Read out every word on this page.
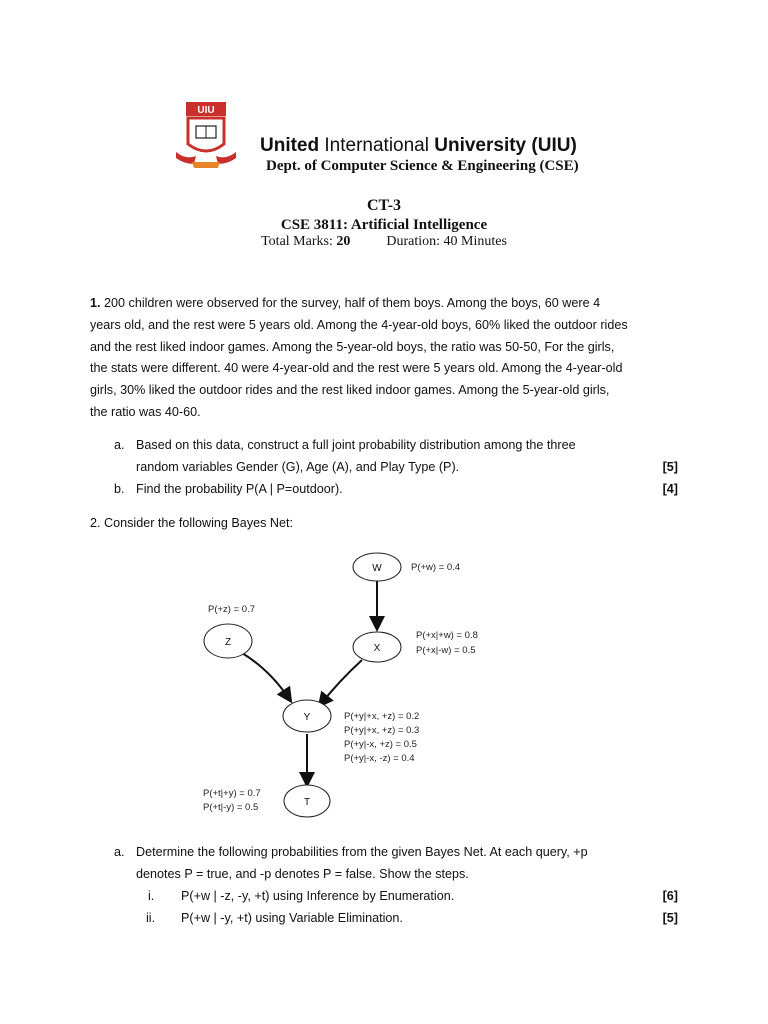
UIU
United International University (UIU)
Dept. of Computer Science & Engineering (CSE)
CT-3
CSE 3811: Artificial Intelligence
Total Marks: 20	Duration: 40 Minutes
1. 200 children were observed for the survey, half of them boys. Among the boys, 60 were 4
years old, and the rest were 5 years old. Among the 4-year-old boys, 60% liked the outdoor rides
and the rest liked indoor games. Among the 5-year-old boys, the ratio was 50-50, For the girls,
the stats were different. 40 were 4-year-old and the rest were 5 years old. Among the 4-year-old
girls, 30% liked the outdoor rides and the rest liked indoor games. Among the 5-year-old girls,
the ratio was 40-60.
a. Based on this data, construct a full joint probability distribution among the three
random variables Gender (G), Age (A), and Play Type (P).	[5]
b. Find the probability P(A | P=outdoor).	[4]
2. Consider the following Bayes Net:
W
Z
X
Y
T
P(+w) = 0.4
P(+z) = 0.7
P(+x|+w) = 0.8
P(+x|-w) = 0.5
P(+y|+x, +z) = 0.2
P(+y|+x, +z) = 0.3
P(+y|-x, +z) = 0.5
P(+y|-x, -z) = 0.4
P(+t|+y) = 0.7
P(+t|-y) = 0.5
a. Determine the following probabilities from the given Bayes Net. At each query, +p
denotes P = true, and -p denotes P = false. Show the steps.
i. P(+w | -z, -y, +t) using Inference by Enumeration.	[6]
ii. P(+w | -y, +t) using Variable Elimination.	[5]
